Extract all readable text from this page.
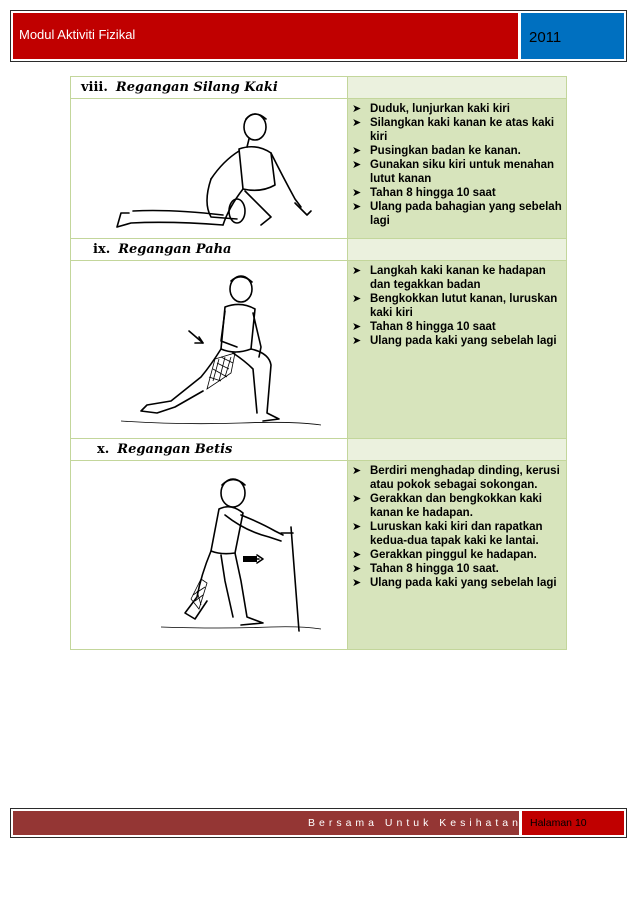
Modul Aktiviti Fizikal	2011
viii. Regangan Silang Kaki
➤ Duduk, lunjurkan kaki kiri
➤ Silangkan kaki kanan ke atas kaki kiri
➤ Pusingkan badan ke kanan.
➤ Gunakan siku kiri untuk menahan lutut kanan
➤ Tahan 8 hingga 10 saat
➤ Ulang pada bahagian yang sebelah lagi
ix. Regangan Paha
➤ Langkah kaki kanan ke hadapan dan tegakkan badan
➤ Bengkokkan lutut kanan, luruskan kaki kiri
➤ Tahan 8 hingga 10 saat
➤ Ulang pada kaki yang sebelah lagi
x. Regangan Betis
➤ Berdiri menghadap dinding, kerusi atau pokok sebagai sokongan.
➤ Gerakkan dan bengkokkan kaki kanan ke hadapan.
➤ Luruskan kaki kiri dan rapatkan kedua-dua tapak kaki ke lantai.
➤ Gerakkan pinggul ke hadapan.
➤ Tahan 8 hingga 10 saat.
➤ Ulang pada kaki yang sebelah lagi
Bersama Untuk Kesihatan Halaman 10
